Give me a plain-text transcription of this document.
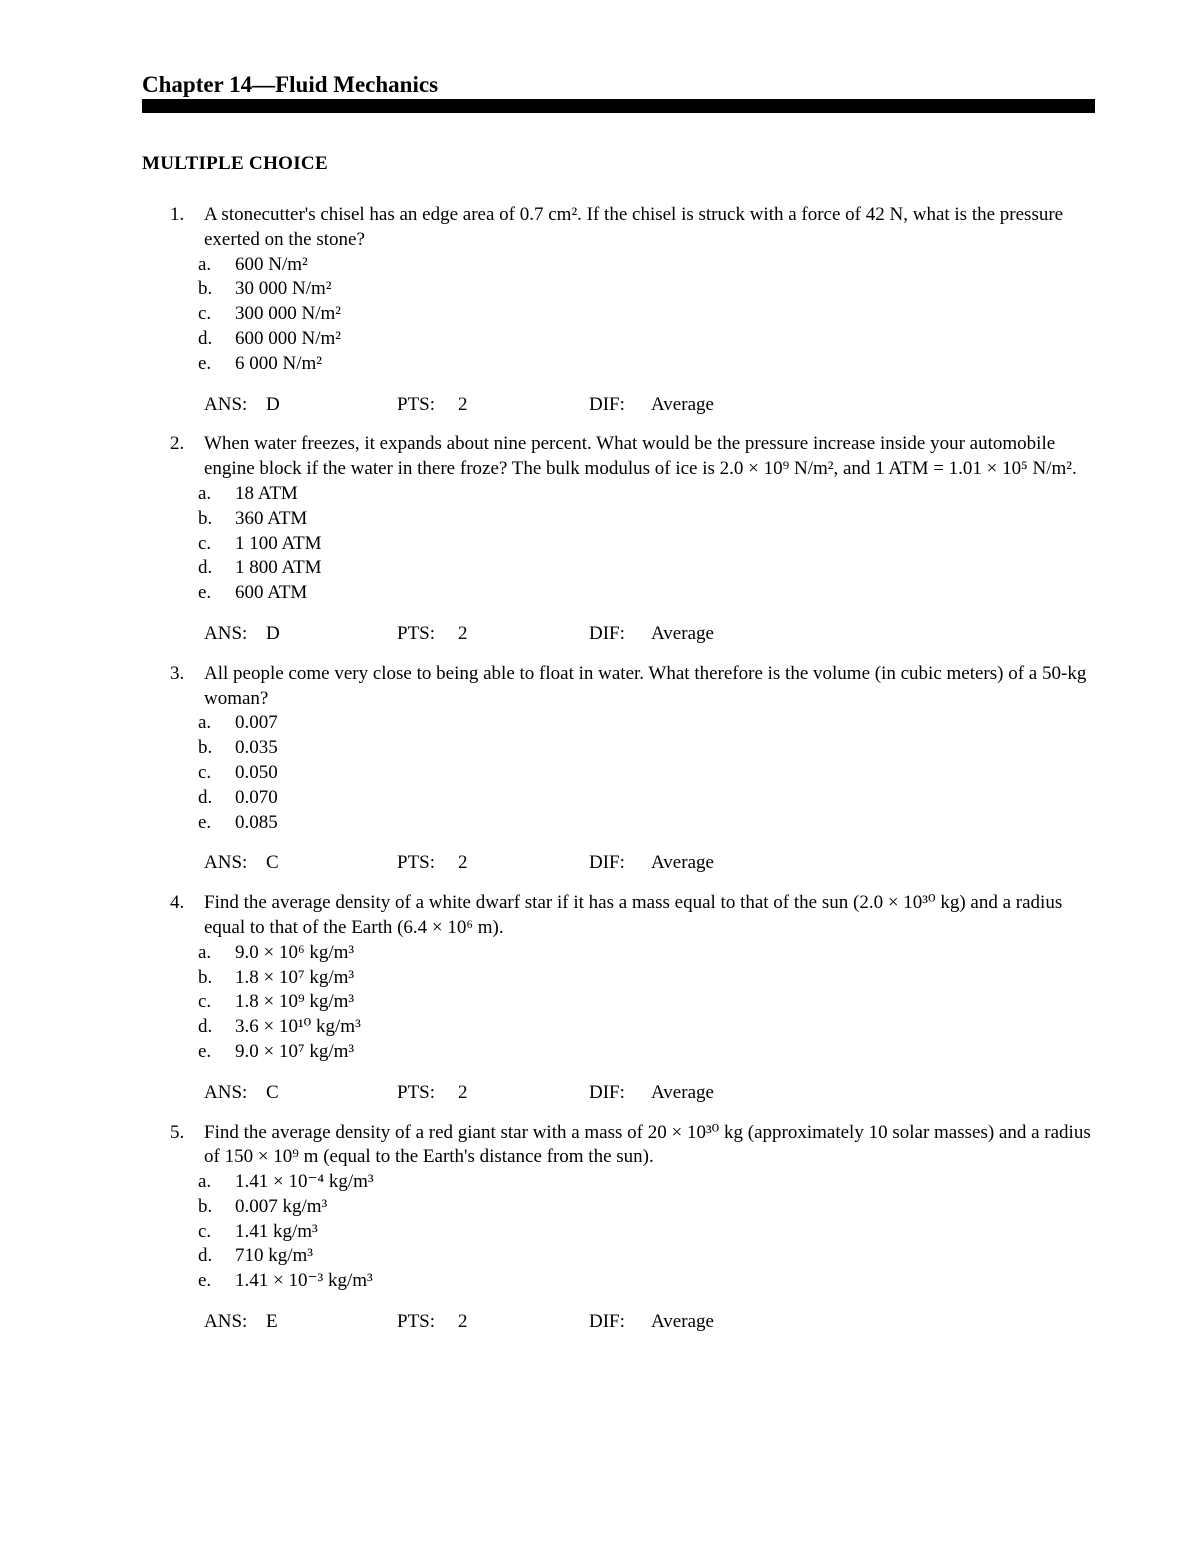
Chapter 14—Fluid Mechanics
MULTIPLE CHOICE
1. A stonecutter's chisel has an edge area of 0.7 cm². If the chisel is struck with a force of 42 N, what is the pressure exerted on the stone?
a. 600 N/m²
b. 30 000 N/m²
c. 300 000 N/m²
d. 600 000 N/m²
e. 6 000 N/m²
ANS: D	PTS: 2	DIF: Average
2. When water freezes, it expands about nine percent. What would be the pressure increase inside your automobile engine block if the water in there froze? The bulk modulus of ice is 2.0 × 10⁹ N/m², and 1 ATM = 1.01 × 10⁵ N/m².
a. 18 ATM
b. 360 ATM
c. 1 100 ATM
d. 1 800 ATM
e. 600 ATM
ANS: D	PTS: 2	DIF: Average
3. All people come very close to being able to float in water. What therefore is the volume (in cubic meters) of a 50-kg woman?
a. 0.007
b. 0.035
c. 0.050
d. 0.070
e. 0.085
ANS: C	PTS: 2	DIF: Average
4. Find the average density of a white dwarf star if it has a mass equal to that of the sun (2.0 × 10³⁰ kg) and a radius equal to that of the Earth (6.4 × 10⁶ m).
a. 9.0 × 10⁶ kg/m³
b. 1.8 × 10⁷ kg/m³
c. 1.8 × 10⁹ kg/m³
d. 3.6 × 10¹⁰ kg/m³
e. 9.0 × 10⁷ kg/m³
ANS: C	PTS: 2	DIF: Average
5. Find the average density of a red giant star with a mass of 20 × 10³⁰ kg (approximately 10 solar masses) and a radius of 150 × 10⁹ m (equal to the Earth's distance from the sun).
a. 1.41 × 10⁻⁴ kg/m³
b. 0.007 kg/m³
c. 1.41 kg/m³
d. 710 kg/m³
e. 1.41 × 10⁻³ kg/m³
ANS: E	PTS: 2	DIF: Average
